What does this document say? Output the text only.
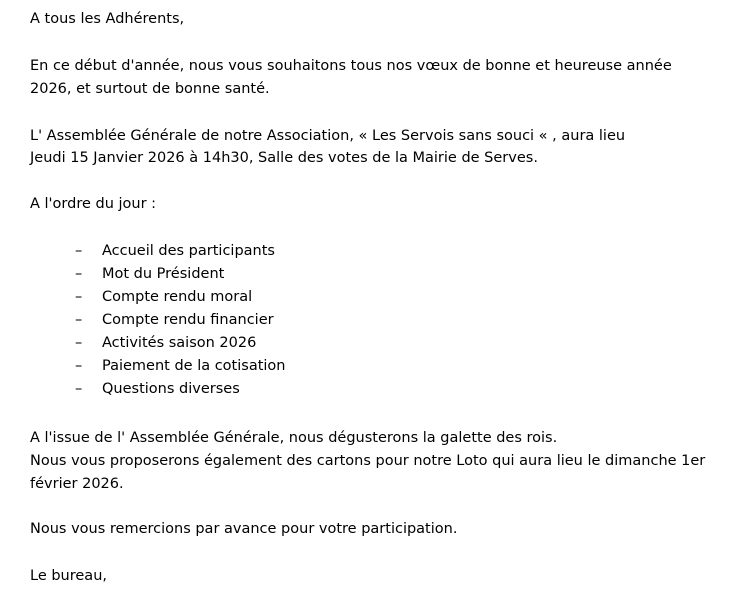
A tous les Adhérents,
En ce début d'année, nous vous souhaitons tous nos vœux de bonne et heureuse année
2026, et surtout de bonne santé.
L' Assemblée Générale de notre Association, « Les Servois sans souci « , aura lieu
Jeudi 15 Janvier 2026 à 14h30, Salle des votes de la Mairie de Serves.
A l'ordre du jour :
– Accueil des participants
– Mot du Président
– Compte rendu moral
– Compte rendu financier
– Activités saison 2026
– Paiement de la cotisation
– Questions diverses
A l'issue de l' Assemblée Générale, nous dégusterons la galette des rois.
Nous vous proposerons également des cartons pour notre Loto qui aura lieu le dimanche 1er
février 2026.
Nous vous remercions par avance pour votre participation.
Le bureau,
